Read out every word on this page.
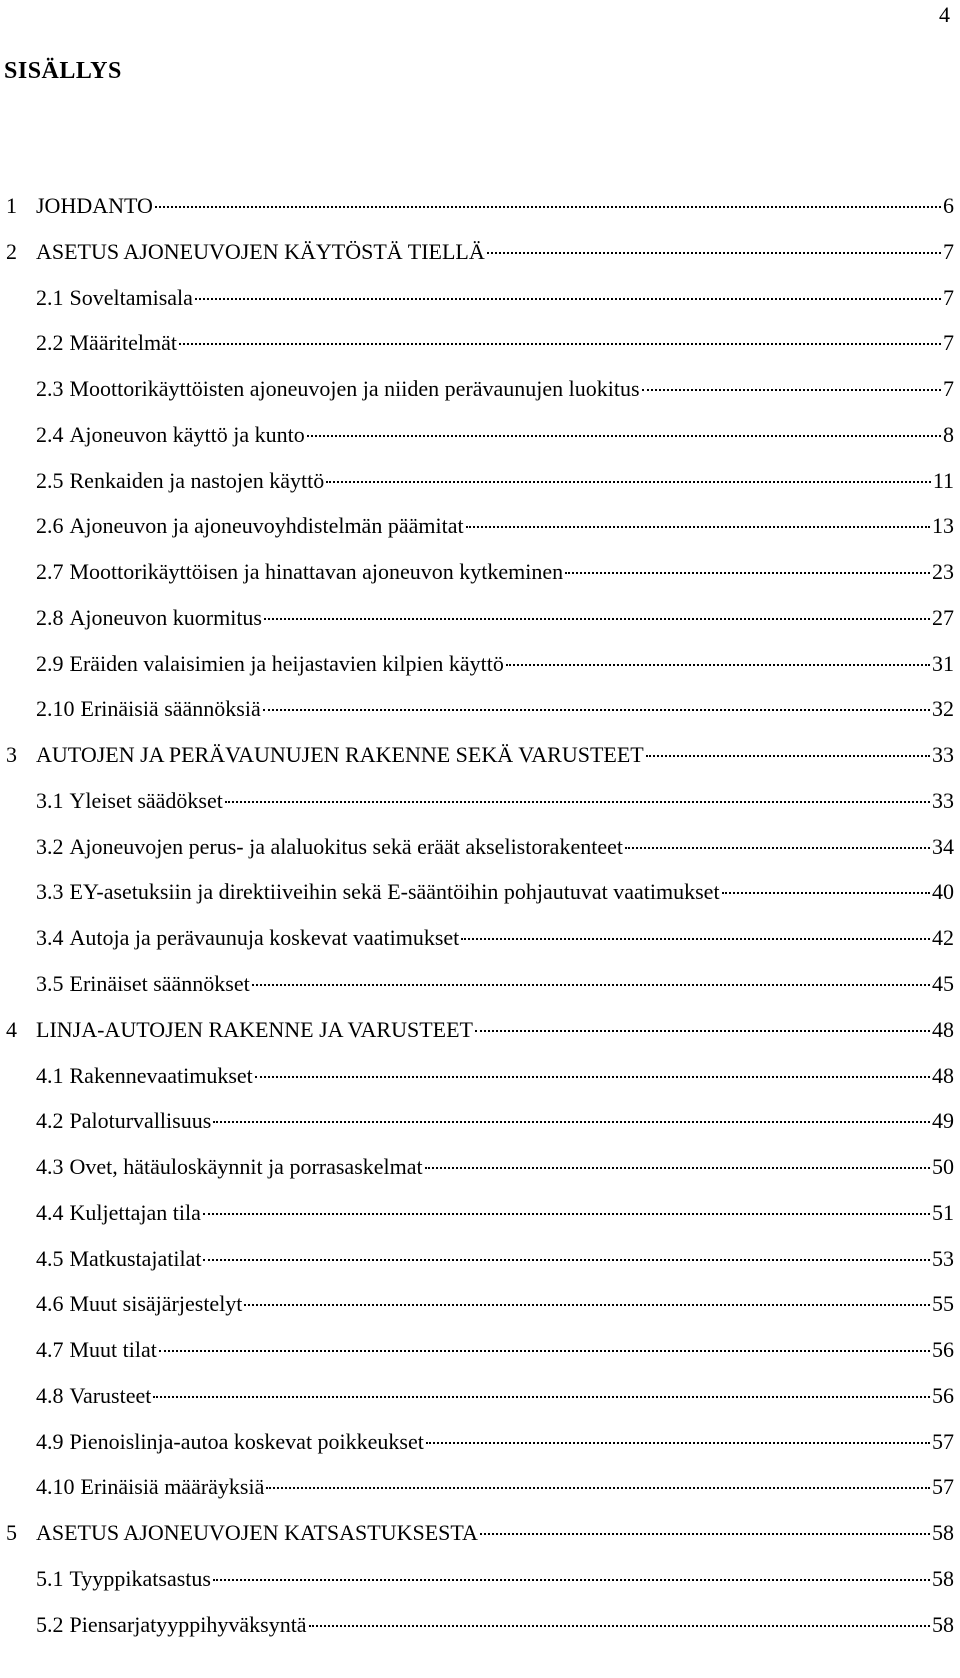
4
SISÄLLYS
1 JOHDANTO	6
2 ASETUS AJONEUVOJEN KÄYTÖSTÄ TIELLÄ	7
2.1 Soveltamisala	7
2.2 Määritelmät	7
2.3 Moottorikäyttöisten ajoneuvojen ja niiden perävaunujen luokitus	7
2.4 Ajoneuvon käyttö ja kunto	8
2.5 Renkaiden ja nastojen käyttö	11
2.6 Ajoneuvon ja ajoneuvoyhdistelmän päämitat	13
2.7 Moottorikäyttöisen ja hinattavan ajoneuvon kytkeminen	23
2.8 Ajoneuvon kuormitus	27
2.9 Eräiden valaisimien ja heijastavien kilpien käyttö	31
2.10 Erinäisiä säännöksiä	32
3 AUTOJEN JA PERÄVAUNUJEN RAKENNE SEKÄ VARUSTEET	33
3.1 Yleiset säädökset	33
3.2 Ajoneuvojen perus- ja alaluokitus sekä eräät akselistorakenteet	34
3.3 EY-asetuksiin ja direktiiveihin sekä E-sääntöihin pohjautuvat vaatimukset	40
3.4 Autoja ja perävaunuja koskevat vaatimukset	42
3.5 Erinäiset säännökset	45
4 LINJA-AUTOJEN RAKENNE JA VARUSTEET	48
4.1 Rakennevaatimukset	48
4.2 Paloturvallisuus	49
4.3 Ovet, hätäuloskäynnit ja porrasaskelmat	50
4.4 Kuljettajan tila	51
4.5 Matkustajatilat	53
4.6 Muut sisäjärjestelyt	55
4.7 Muut tilat	56
4.8 Varusteet	56
4.9 Pienoislinja-autoa koskevat poikkeukset	57
4.10 Erinäisiä määräyksiä	57
5 ASETUS AJONEUVOJEN KATSASTUKSESTA	58
5.1 Tyyppikatsastus	58
5.2 Piensarjatyyppihyväksyntä	58
